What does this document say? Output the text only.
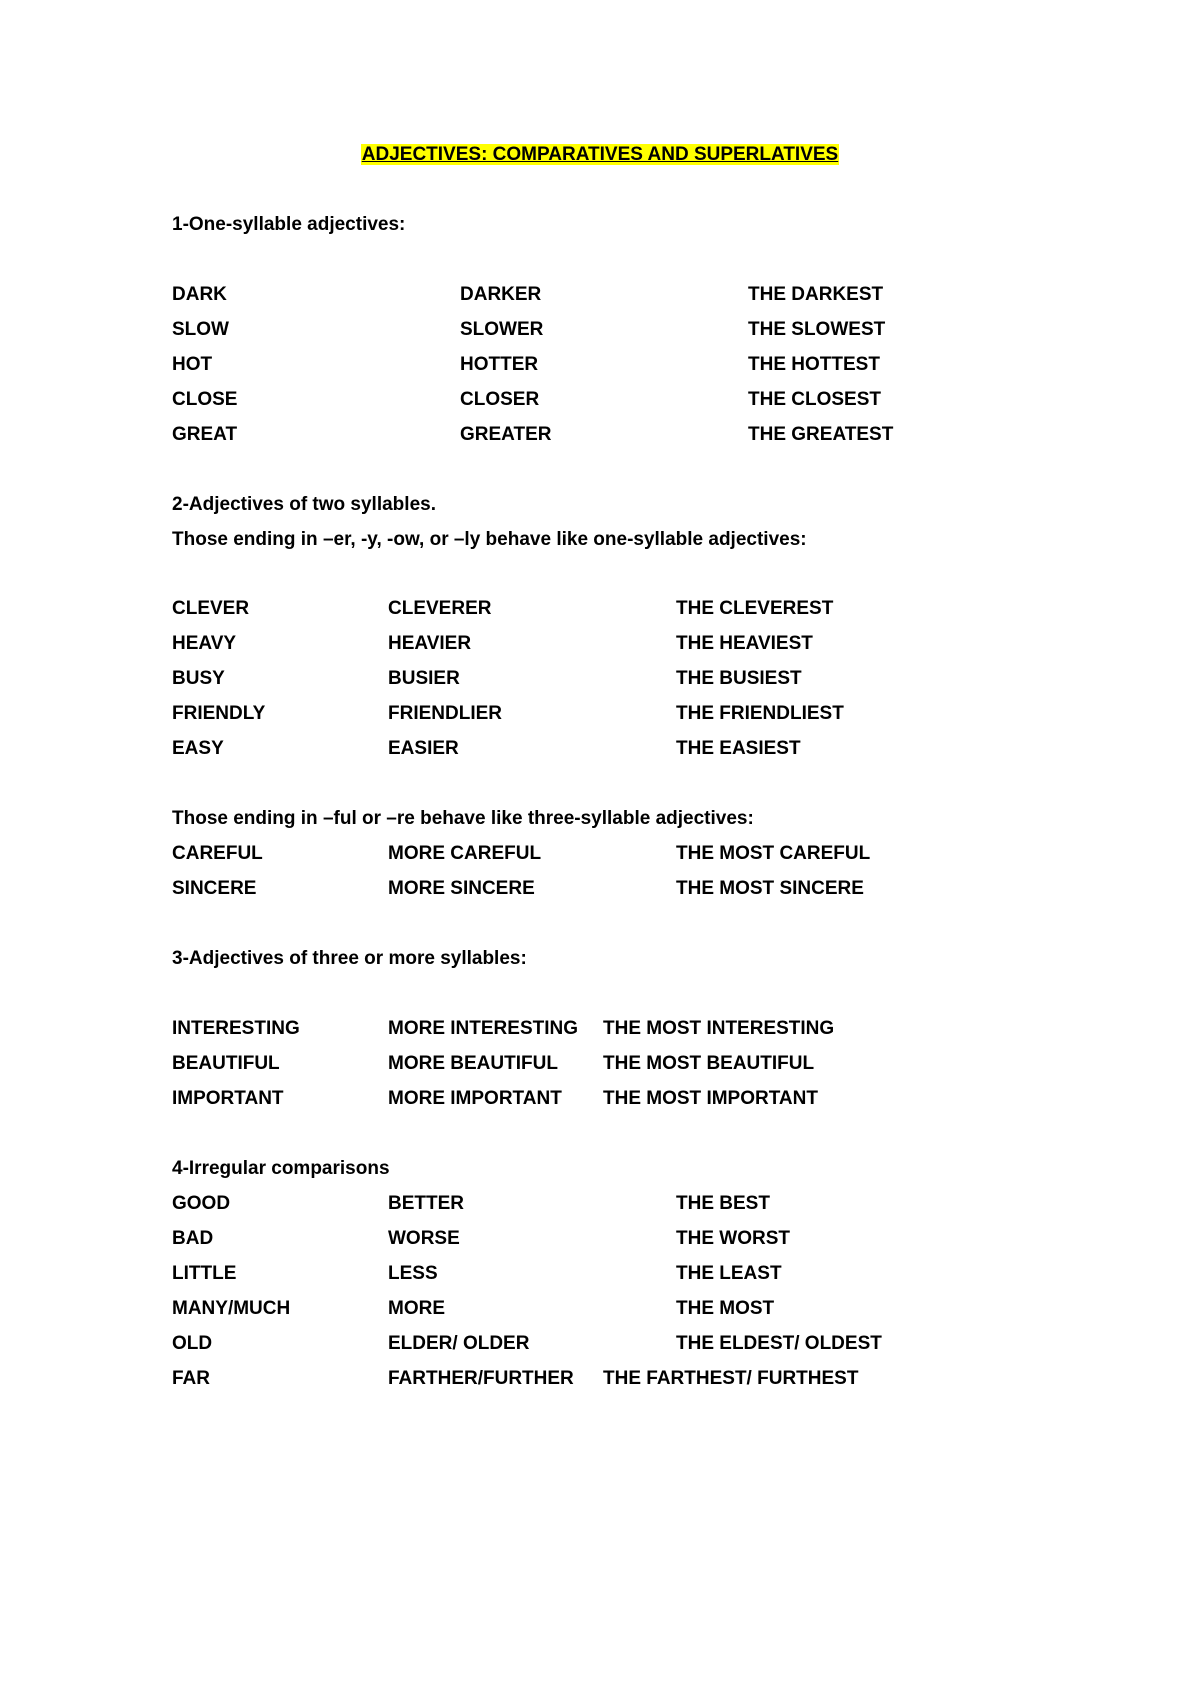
ADJECTIVES: COMPARATIVES AND SUPERLATIVES
1-One-syllable adjectives:
DARK	DARKER	THE DARKEST
SLOW	SLOWER	THE SLOWEST
HOT	HOTTER	THE HOTTEST
CLOSE	CLOSER	THE CLOSEST
GREAT	GREATER	THE GREATEST
2-Adjectives of two syllables.
Those ending in –er, -y, -ow, or –ly behave like one-syllable adjectives:
CLEVER	CLEVERER	THE CLEVEREST
HEAVY	HEAVIER	THE HEAVIEST
BUSY	BUSIER	THE BUSIEST
FRIENDLY	FRIENDLIER	THE FRIENDLIEST
EASY	EASIER	THE EASIEST
Those ending in –ful or –re behave like three-syllable adjectives:
CAREFUL	MORE CAREFUL	THE MOST CAREFUL
SINCERE	MORE SINCERE	THE MOST SINCERE
3-Adjectives of three or more syllables:
INTERESTING	MORE INTERESTING THE MOST INTERESTING
BEAUTIFUL	MORE BEAUTIFUL THE MOST BEAUTIFUL
IMPORTANT	MORE IMPORTANT THE MOST IMPORTANT
4-Irregular comparisons
GOOD	BETTER	THE BEST
BAD	WORSE	THE WORST
LITTLE	LESS	THE LEAST
MANY/MUCH	MORE	THE MOST
OLD	ELDER/ OLDER	THE ELDEST/ OLDEST
FAR	FARTHER/FURTHER THE FARTHEST/ FURTHEST
